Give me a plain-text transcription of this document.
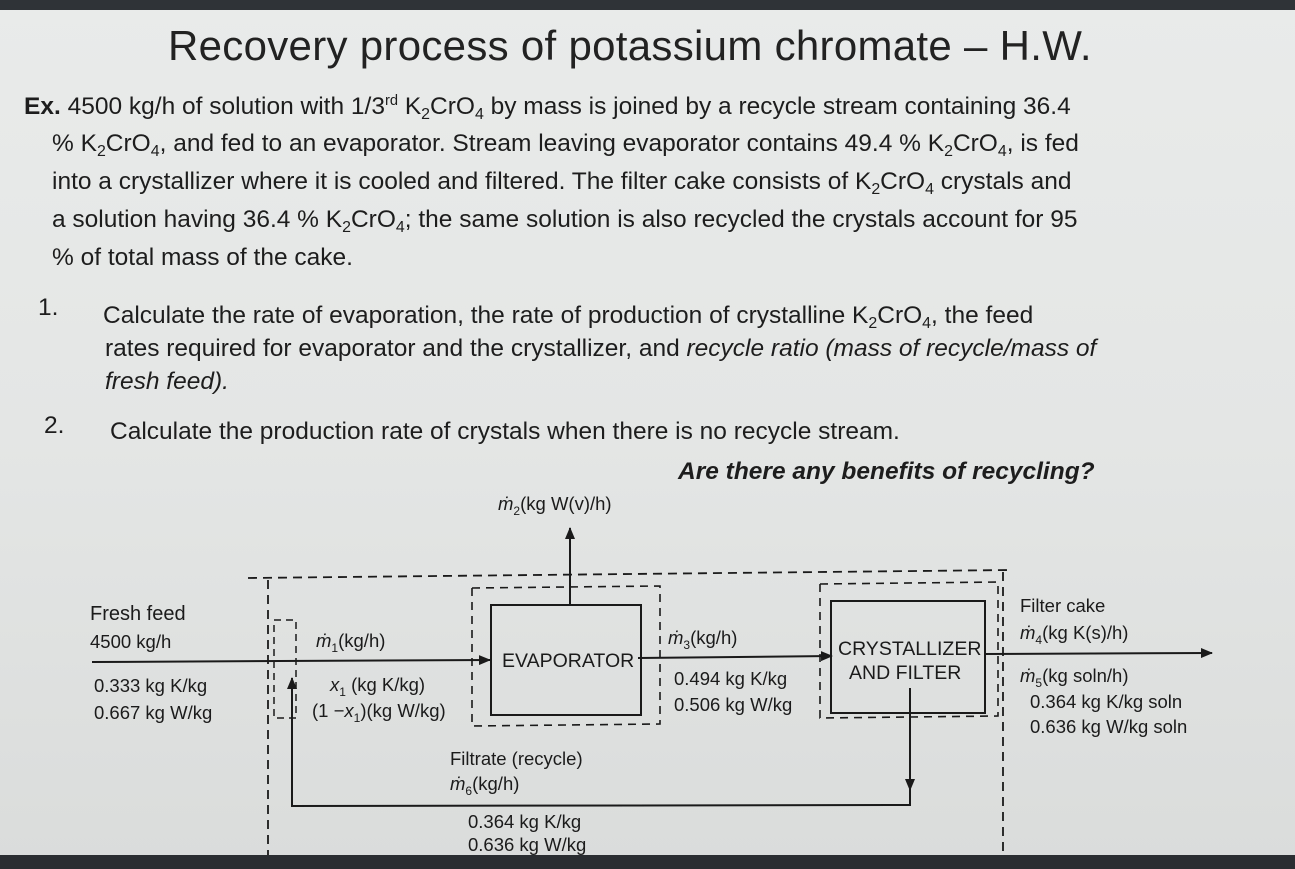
Recovery process of potassium chromate – H.W.
Ex. 4500 kg/h of solution with 1/3rd $K_2CrO_4$ by mass is joined by a recycle stream containing 36.4
% $K_2CrO_4$, and fed to an evaporator. Stream leaving evaporator contains 49.4 % $K_2CrO_4$, is fed
into a crystallizer where it is cooled and filtered. The filter cake consists of $K_2CrO_4$ crystals and
a solution having 36.4 % $K_2CrO_4$; the same solution is also recycled the crystals account for 95
% of total mass of the cake.
1. Calculate the rate of evaporation, the rate of production of crystalline $K_2CrO_4$, the feed
rates required for evaporator and the crystallizer, and recycle ratio (mass of recycle/mass of
fresh feed).
2. Calculate the production rate of crystals when there is no recycle stream.
Are there any benefits of recycling?
EVAPORATOR
CRYSTALLIZER
AND FILTER
ṁ$_2$(kg W(v)/h)
Fresh feed
4500 kg/h
0.333 kg K/kg
0.667 kg W/kg
ṁ$_1$(kg/h)
$x_1$ (kg K/kg)
$(1 -x_1)(kg$ W/kg)
ṁ$_3$(kg/h)
0.494 kg K/kg
0.506 kg W/kg
Filter cake
ṁ$_4$(kg K(s)/h)
ṁ$_5$(kg soln/h)
0.364 kg K/kg soln
0.636 kg W/kg soln
Filtrate (recycle)
ṁ$_6$(kg/h)
0.364 kg K/kg
0.636 kg W/kg
